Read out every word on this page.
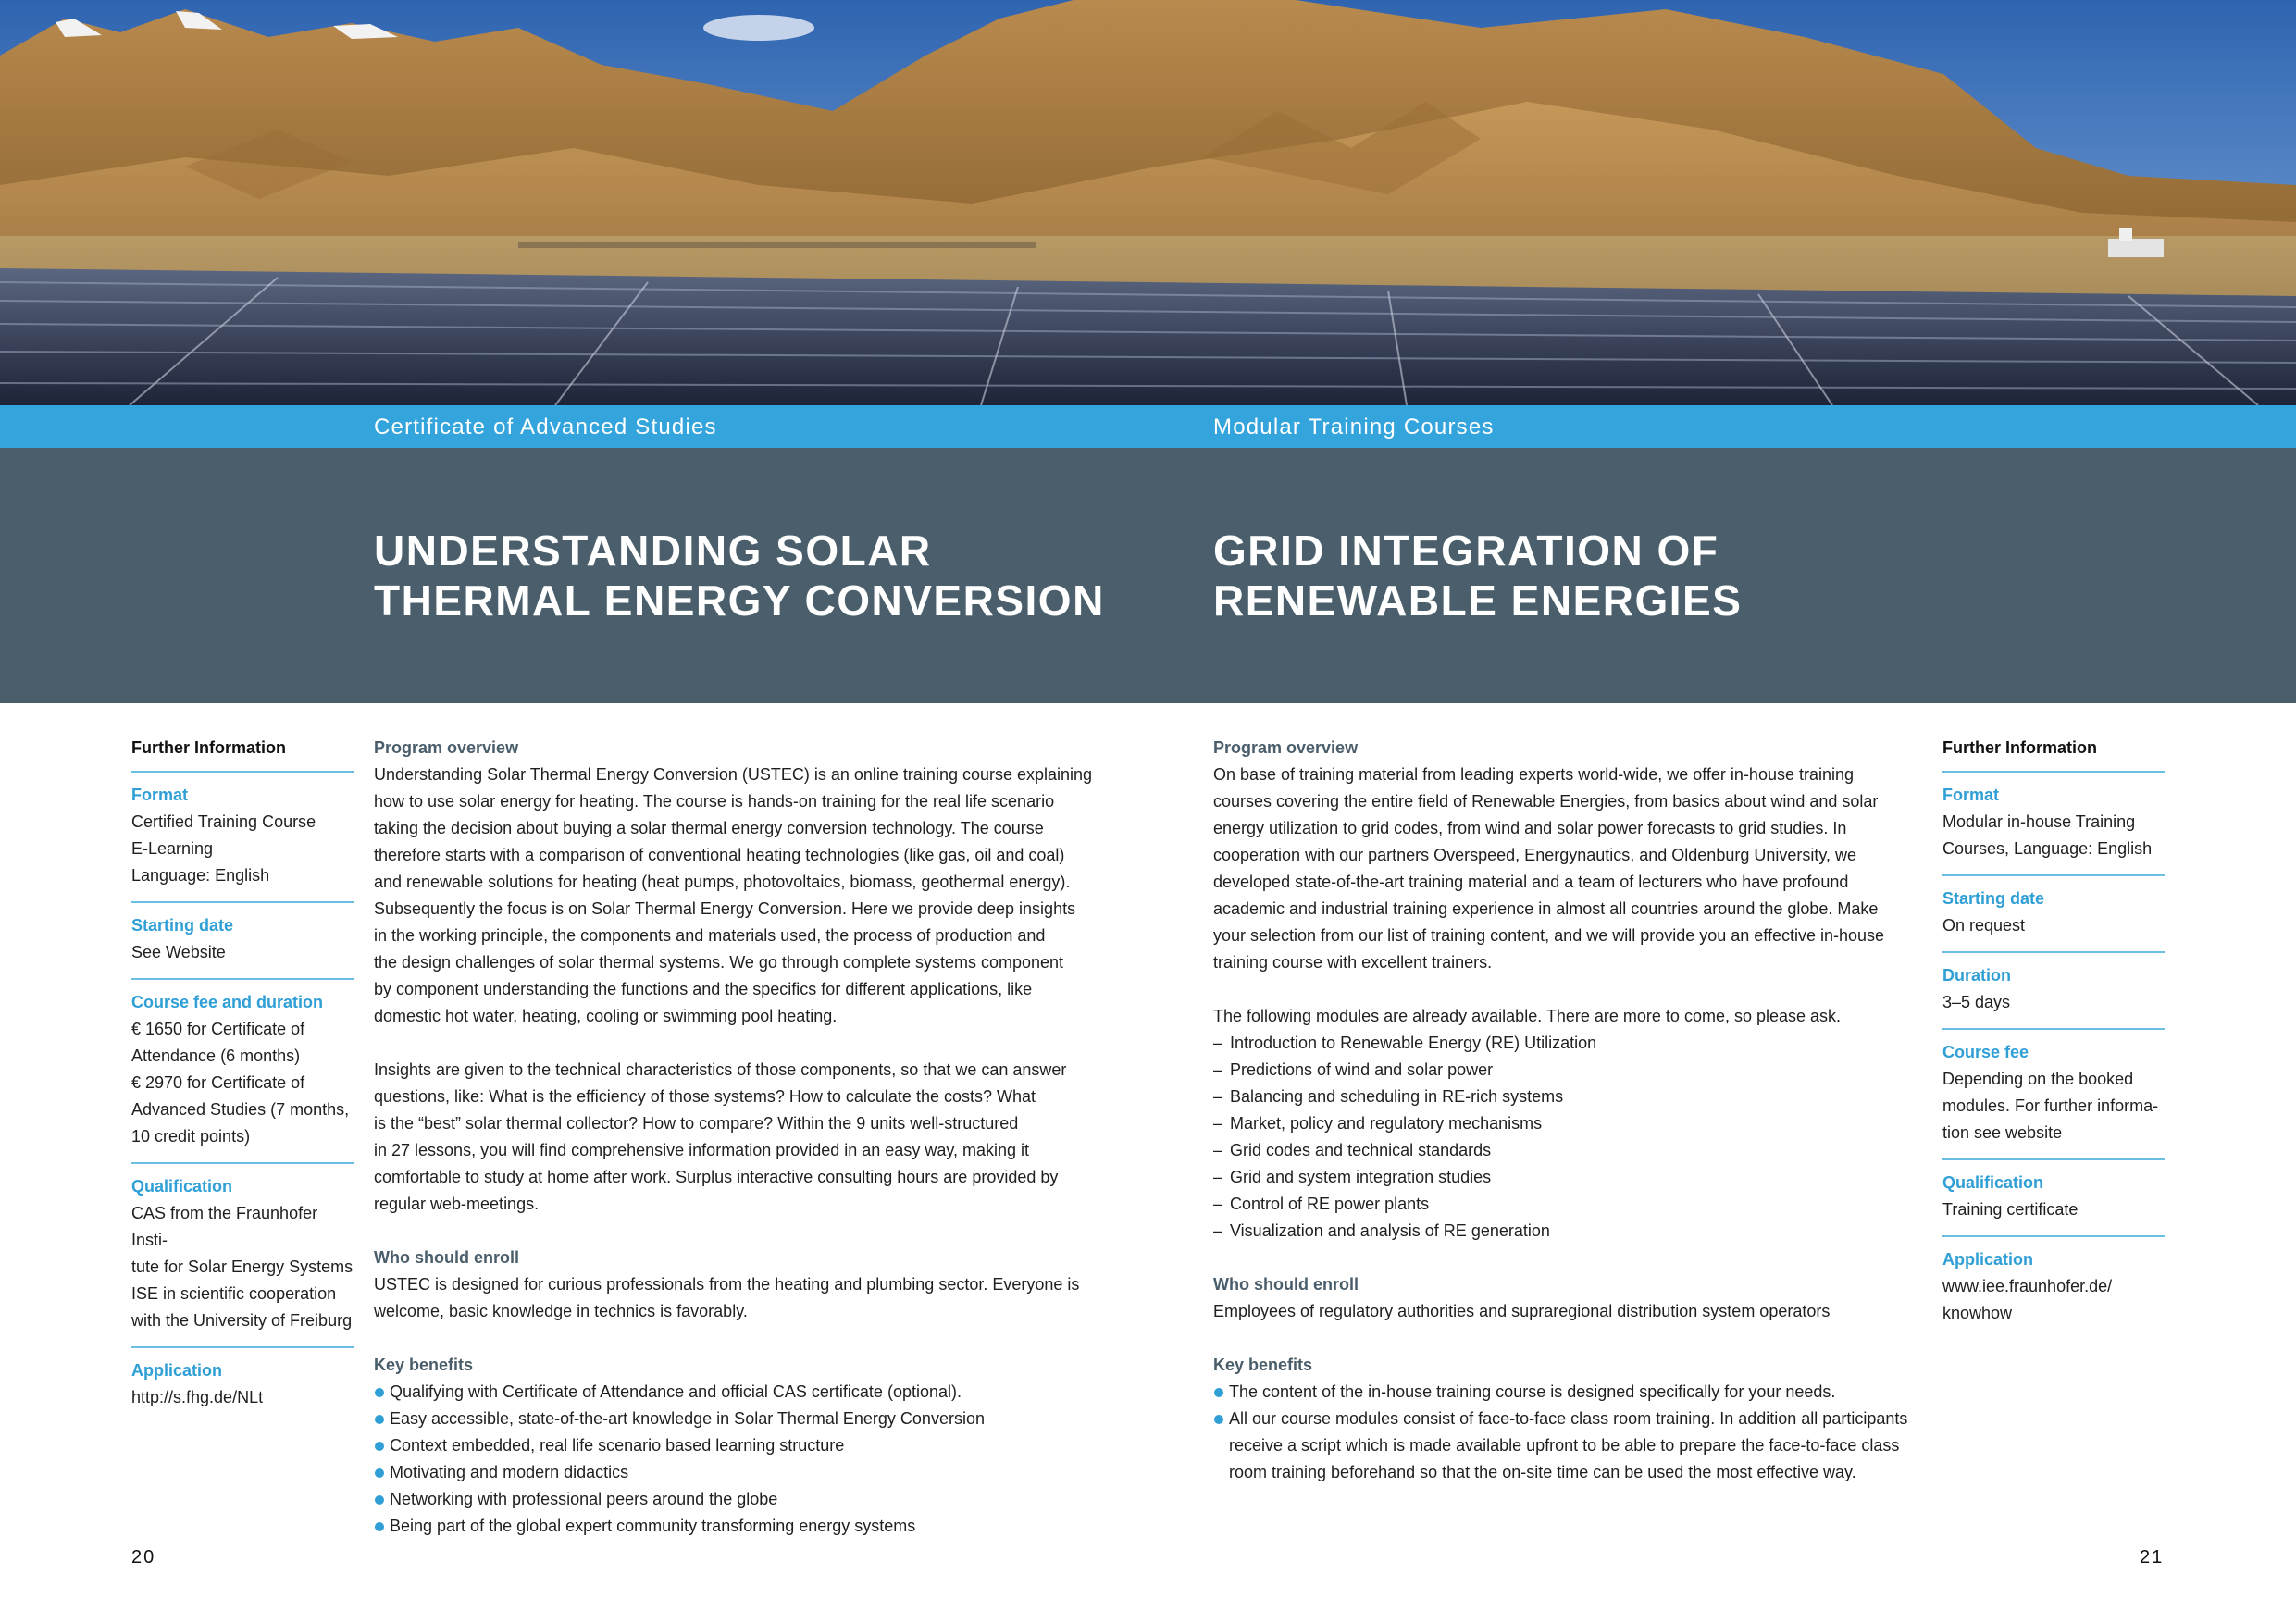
Certificate of Advanced Studies	Modular Training Courses
UNDERSTANDING SOLAR
THERMAL ENERGY CONVERSION
GRID INTEGRATION OF
RENEWABLE ENERGIES
Further Information
Format
Certified Training Course
E-Learning
Language: English
Starting date
See Website
Course fee and duration
€ 1650 for Certificate of
Attendance (6 months)
€ 2970 for Certificate of
Advanced Studies (7 months,
10 credit points)
Qualification
CAS from the Fraunhofer Insti-
tute for Solar Energy Systems
ISE in scientific cooperation
with the University of Freiburg
Application
http://s.fhg.de/NLt

Program overview

Understanding Solar Thermal Energy Conversion (USTEC) is an online training course explaining

how to use solar energy for heating. The course is hands-on training for the real life scenario

taking the decision about buying a solar thermal energy conversion technology. The course

therefore starts with a comparison of conventional heating technologies (like gas, oil and coal)

and renewable solutions for heating (heat pumps, photovoltaics, biomass, geothermal energy).

Subsequently the focus is on Solar Thermal Energy Conversion. Here we provide deep insights

in the working principle, the components and materials used, the process of production and

the design challenges of solar thermal systems. We go through complete systems component

by component understanding the functions and the specifics for different applications, like

domestic hot water, heating, cooling or swimming pool heating.

Insights are given to the technical characteristics of those components, so that we can answer

questions, like: What is the efficiency of those systems? How to calculate the costs? What

is the “best” solar thermal collector? How to compare? Within the 9 units well-structured

in 27 lessons, you will find comprehensive information provided in an easy way, making it

comfortable to study at home after work. Surplus interactive consulting hours are provided by

regular web-meetings.

Who should enroll

USTEC is designed for curious professionals from the heating and plumbing sector. Everyone is

welcome, basic knowledge in technics is favorably.

Key benefits

Qualifying with Certificate of Attendance and official CAS certificate (optional).
Easy accessible, state-of-the-art knowledge in Solar Thermal Energy Conversion
Context embedded, real life scenario based learning structure
Motivating and modern didactics
Networking with professional peers around the globe
Being part of the global expert community transforming energy systems

Program overview

On base of training material from leading experts world-wide, we offer in-house training

courses covering the entire field of Renewable Energies, from basics about wind and solar

energy utilization to grid codes, from wind and solar power forecasts to grid studies. In

cooperation with our partners Overspeed, Energynautics, and Oldenburg University, we

developed state-of-the-art training material and a team of lecturers who have profound

academic and industrial training experience in almost all countries around the globe. Make

your selection from our list of training content, and we will provide you an effective in-house

training course with excellent trainers.

The following modules are already available. There are more to come, so please ask.

– Introduction to Renewable Energy (RE) Utilization
– Predictions of wind and solar power
– Balancing and scheduling in RE-rich systems
– Market, policy and regulatory mechanisms
– Grid codes and technical standards
– Grid and system integration studies
– Control of RE power plants
– Visualization and analysis of RE generation

Who should enroll

Employees of regulatory authorities and supraregional distribution system operators

Key benefits

The content of the in-house training course is designed specifically for your needs.
All our course modules consist of face-to-face class room training. In addition all participants
receive a script which is made available upfront to be able to prepare the face-to-face class
room training beforehand so that the on-site time can be used the most effective way.
Further Information
Format
Modular in-house Training
Courses, Language: English
Starting date
On request
Duration
3–5 days
Course fee
Depending on the booked
modules. For further informa-
tion see website
Qualification
Training certificate
Application
www.iee.fraunhofer.de/
knowhow
20	21
